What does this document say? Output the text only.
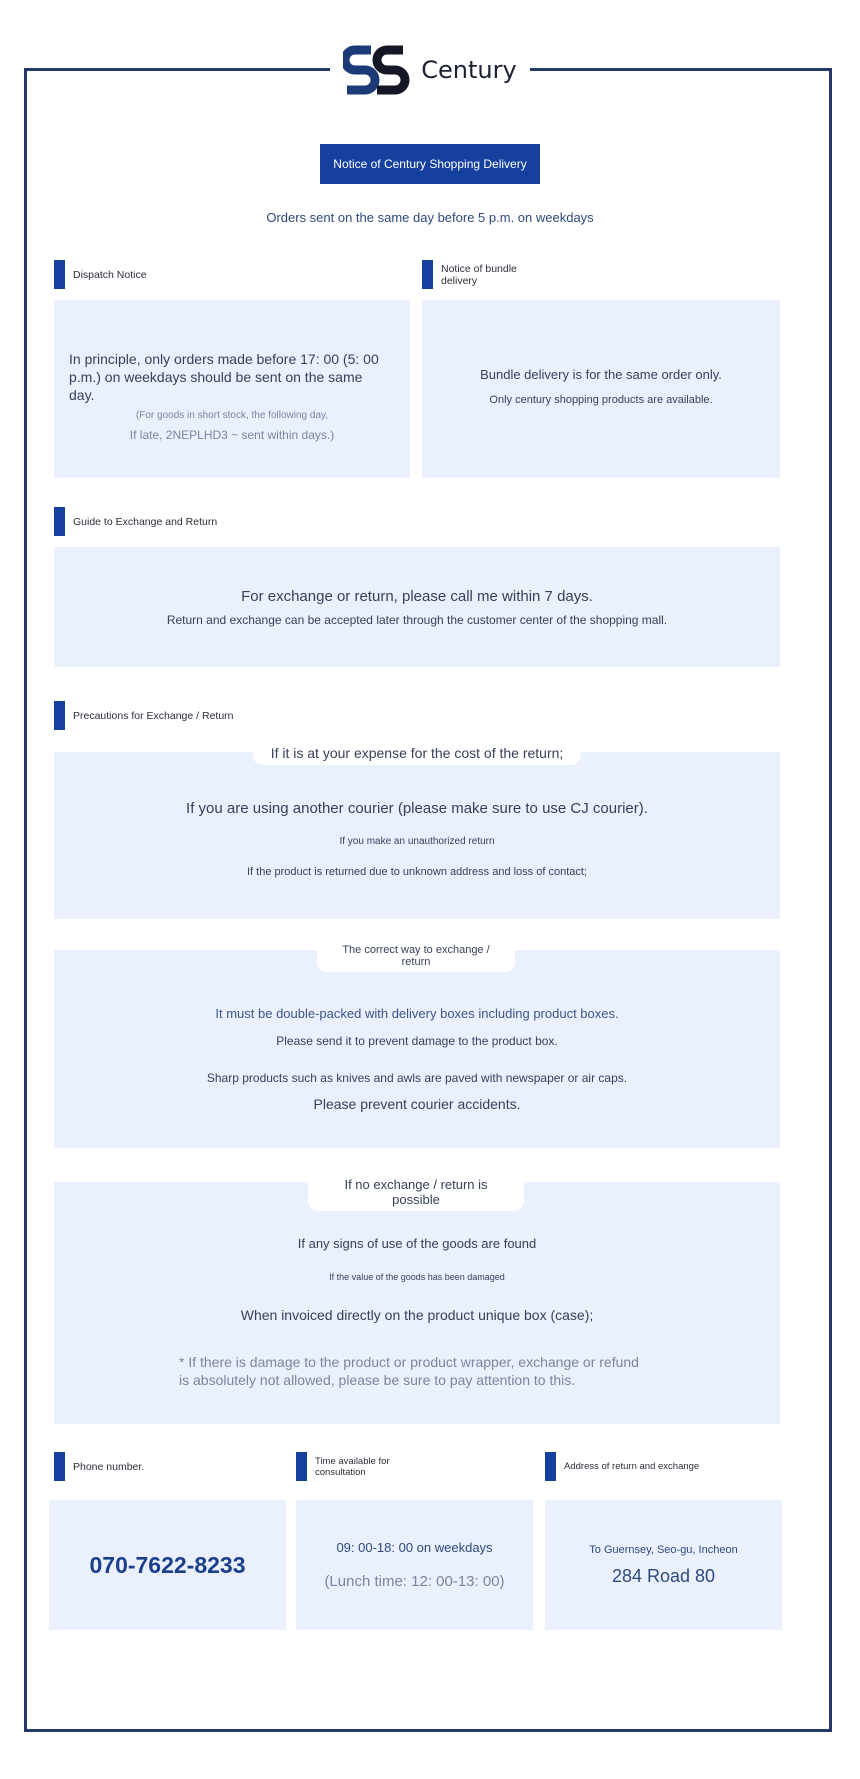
Century
Notice of Century Shopping Delivery
Orders sent on the same day before 5 p.m. on weekdays
Dispatch Notice	Notice of bundle delivery
In principle, only orders made before 17: 00 (5: 00 p.m.) on weekdays should be sent on the same day.
(For goods in short stock, the following day,
If late, 2NEPLHD3 ~ sent within days.)
Bundle delivery is for the same order only.
Only century shopping products are available.
Guide to Exchange and Return
For exchange or return, please call me within 7 days.
Return and exchange can be accepted later through the customer center of the shopping mall.
Precautions for Exchange / Return
If you are using another courier (please make sure to use CJ courier).
If you make an unauthorized return
If the product is returned due to unknown address and loss of contact;
If it is at your expense for the cost of the return;
It must be double-packed with delivery boxes including product boxes.
Please send it to prevent damage to the product box.
Sharp products such as knives and awls are paved with newspaper or air caps.
Please prevent courier accidents.
The correct way to exchange / return
If any signs of use of the goods are found
If the value of the goods has been damaged
When invoiced directly on the product unique box (case);
* If there is damage to the product or product wrapper, exchange or refund is absolutely not allowed, please be sure to pay attention to this.
If no exchange / return is possible
Phone number.	Time available for consultation	Address of return and exchange
070-7622-8233
09: 00-18: 00 on weekdays
(Lunch time: 12: 00-13: 00)
To Guernsey, Seo-gu, Incheon
284 Road 80
